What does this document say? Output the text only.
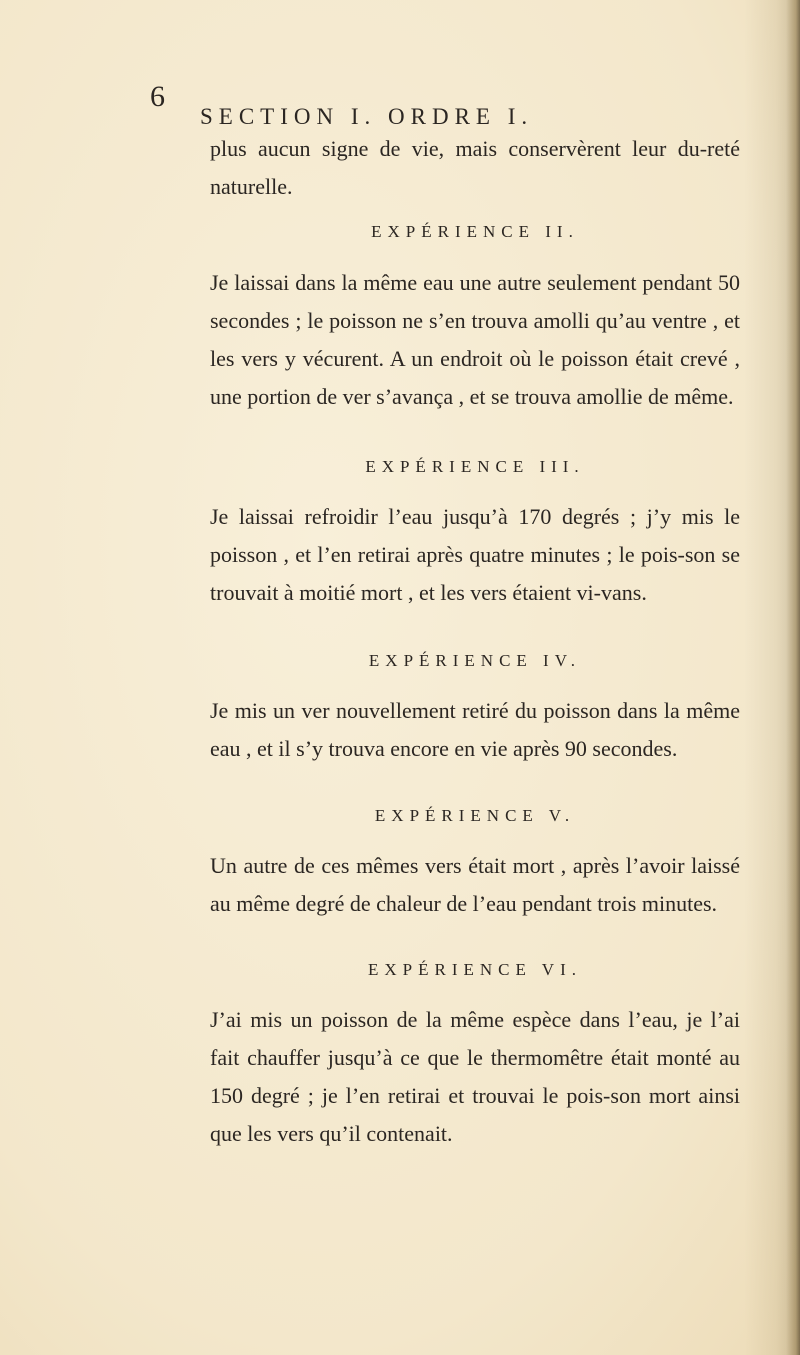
6
SECTION I. ORDRE I.

plus aucun signe de vie, mais conservèrent leur du-reté naturelle.

EXPÉRIENCE II.

Je laissai dans la même eau une autre seulement pendant 50 secondes ; le poisson ne s’en trouva amolli qu’au ventre , et les vers y vécurent. A un endroit où le poisson était crevé , une portion de ver s’avança , et se trouva amollie de même.

EXPÉRIENCE III.

Je laissai refroidir l’eau jusqu’à 170 degrés ; j’y mis le poisson , et l’en retirai après quatre minutes ; le pois-son se trouvait à moitié mort , et les vers étaient vi-vans.

EXPÉRIENCE IV.

Je mis un ver nouvellement retiré du poisson dans la même eau , et il s’y trouva encore en vie après 90 secondes.

EXPÉRIENCE V.

Un autre de ces mêmes vers était mort , après l’avoir laissé au même degré de chaleur de l’eau pendant trois minutes.

EXPÉRIENCE VI.

J’ai mis un poisson de la même espèce dans l’eau, je l’ai fait chauffer jusqu’à ce que le thermomêtre était monté au 150 degré ; je l’en retirai et trouvai le pois-son mort ainsi que les vers qu’il contenait.
